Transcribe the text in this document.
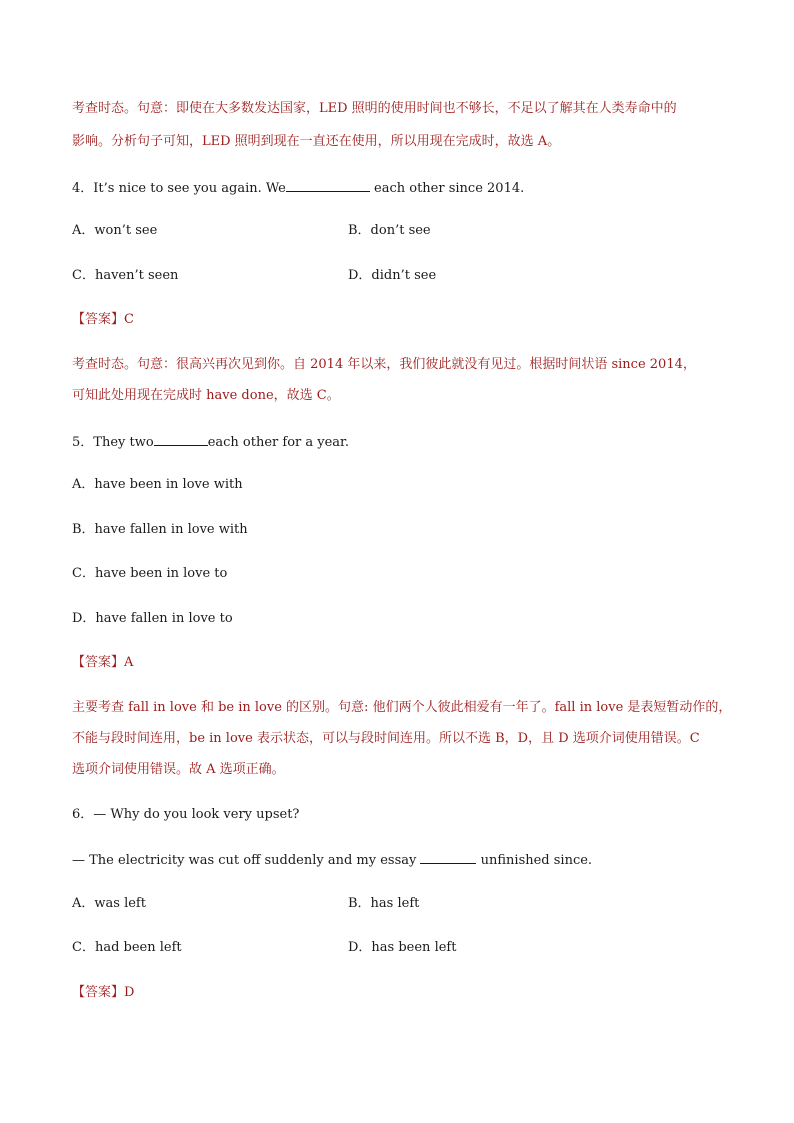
考查时态。句意：即使在大多数发达国家，LED 照明的使用时间也不够长，不足以了解其在人类寿命中的
影响。分析句子可知，LED 照明到现在一直还在使用，所以用现在完成时，故选 A。
4．It’s nice to see you again. We	each other since 2014.
A．won’t see	B．don’t see
C．haven’t seen	D．didn’t see
【答案】C
考查时态。句意：很高兴再次见到你。自 2014 年以来，我们彼此就没有见过。根据时间状语 since 2014，
可知此处用现在完成时 have done，故选 C。
5．They two	each other for a year.
A．have been in love with
B．have fallen in love with
C．have been in love to
D．have fallen in love to
【答案】A
主要考查 fall in love 和 be in love 的区别。句意: 他们两个人彼此相爱有一年了。fall in love 是表短暂动作的，
不能与段时间连用，be in love 表示状态，可以与段时间连用。所以不选 B，D，且 D 选项介词使用错误。C
选项介词使用错误。故 A 选项正确。
6．— Why do you look very upset?
— The electricity was cut off suddenly and my essay	unfinished since.
A．was left	B．has left
C．had been left	D．has been left
【答案】D
